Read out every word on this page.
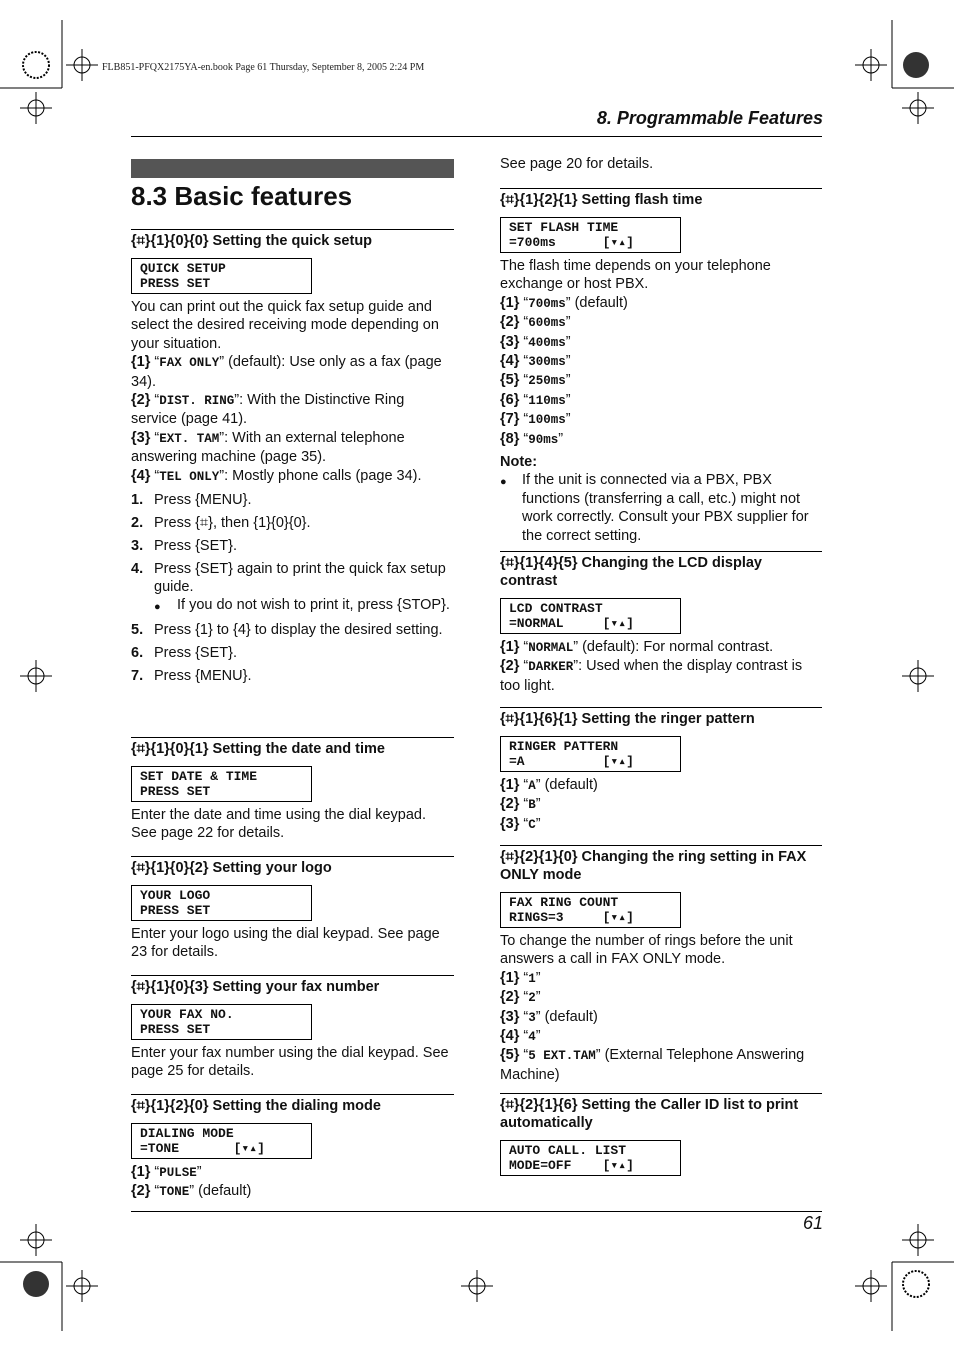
FLB851-PFQX2175YA-en.book Page 61 Thursday, September 8, 2005 2:24 PM
8. Programmable Features
8.3 Basic features
{⌗}{1}{0}{0} Setting the quick setup
QUICK SETUP
PRESS SET

You can print out the quick fax setup guide and select the desired receiving mode depending on your situation.

{1} “FAX ONLY” (default): Use only as a fax (page 34).

{2} “DIST. RING”: With the Distinctive Ring service (page 41).

{3} “EXT. TAM”: With an external telephone answering machine (page 35).

{4} “TEL ONLY”: Mostly phone calls (page 34).

1. Press {MENU}.
2. Press {⌗}, then {1}{0}{0}.
3. Press {SET}.
4. Press {SET} again to print the quick fax setup guide.
●	If you do not wish to print it, press {STOP}.
5. Press {1} to {4} to display the desired setting.
6. Press {SET}.
7. Press {MENU}.
{⌗}{1}{0}{1} Setting the date and time
SET DATE & TIME
PRESS SET

Enter the date and time using the dial keypad. See page 22 for details.

{⌗}{1}{0}{2} Setting your logo
YOUR LOGO
PRESS SET

Enter your logo using the dial keypad. See page 23 for details.

{⌗}{1}{0}{3} Setting your fax number
YOUR FAX NO.
PRESS SET

Enter your fax number using the dial keypad. See page 25 for details.

{⌗}{1}{2}{0} Setting the dialing mode
DIALING MODE
=TONE       [▾▴]

{1} “PULSE”

{2} “TONE” (default)

See page 20 for details.

{⌗}{1}{2}{1} Setting flash time
SET FLASH TIME
=700ms      [▾▴]

The flash time depends on your telephone exchange or host PBX.

{1} “700ms” (default)

{2} “600ms”

{3} “400ms”

{4} “300ms”

{5} “250ms”

{6} “110ms”

{7} “100ms”

{8} “90ms”

Note:

●	If the unit is connected via a PBX, PBX functions (transferring a call, etc.) might not work correctly. Consult your PBX supplier for the correct setting.
{⌗}{1}{4}{5} Changing the LCD display contrast
LCD CONTRAST
=NORMAL     [▾▴]

{1} “NORMAL” (default): For normal contrast.

{2} “DARKER”: Used when the display contrast is too light.

{⌗}{1}{6}{1} Setting the ringer pattern
RINGER PATTERN
=A          [▾▴]

{1} “A” (default)

{2} “B”

{3} “C”

{⌗}{2}{1}{0} Changing the ring setting in FAX ONLY mode
FAX RING COUNT
RINGS=3     [▾▴]

To change the number of rings before the unit answers a call in FAX ONLY mode.

{1} “1”

{2} “2”

{3} “3” (default)

{4} “4”

{5} “5 EXT.TAM” (External Telephone Answering Machine)

{⌗}{2}{1}{6} Setting the Caller ID list to print automatically
AUTO CALL. LIST
MODE=OFF    [▾▴]
61
